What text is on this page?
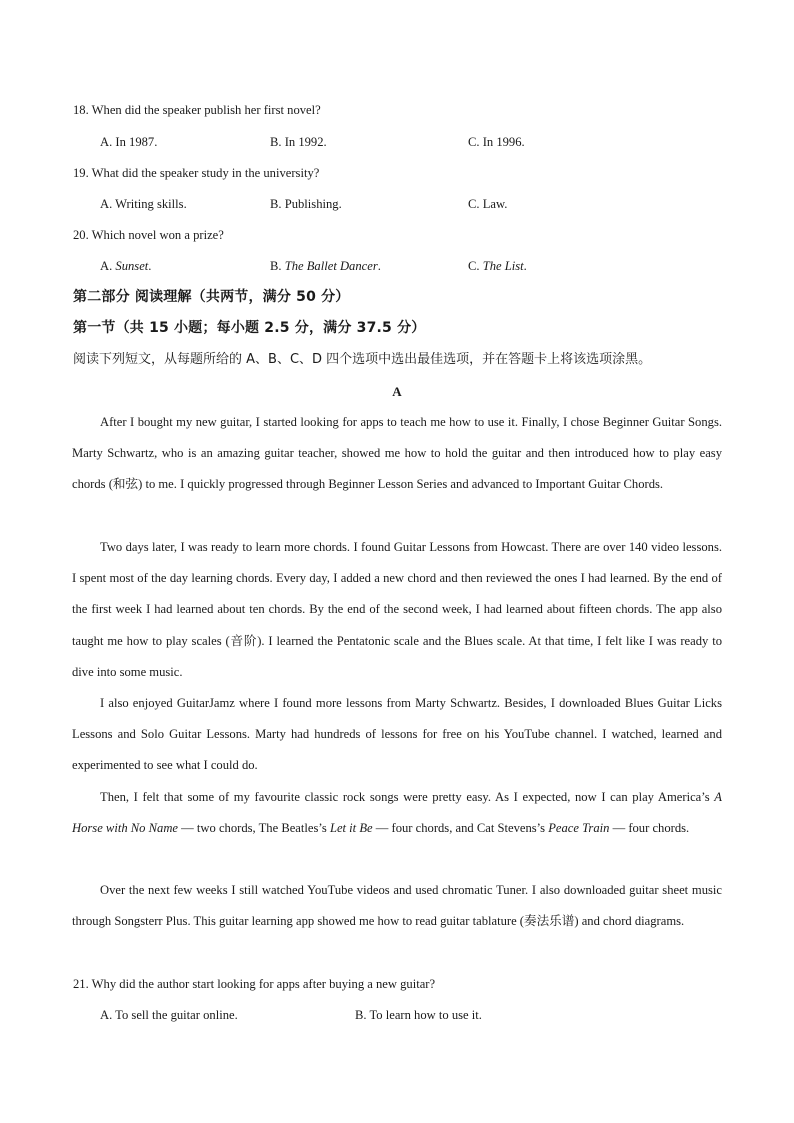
18. When did the speaker publish her first novel?
A. In 1987.	B. In 1992.	C. In 1996.
19. What did the speaker study in the university?
A. Writing skills.	B. Publishing.	C. Law.
20. Which novel won a prize?
A. Sunset.	B. The Ballet Dancer.	C. The List.
第二部分 阅读理解（共两节，满分 50 分）
第一节（共 15 小题；每小题 2.5 分，满分 37.5 分）
阅读下列短文，从每题所给的 A、B、C、D 四个选项中选出最佳选项，并在答题卡上将该选项涂黑。
A
After I bought my new guitar, I started looking for apps to teach me how to use it. Finally, I chose Beginner Guitar Songs. Marty Schwartz, who is an amazing guitar teacher, showed me how to hold the guitar and then introduced how to play easy chords (和弦) to me. I quickly progressed through Beginner Lesson Series and advanced to Important Guitar Chords.
Two days later, I was ready to learn more chords. I found Guitar Lessons from Howcast. There are over 140 video lessons. I spent most of the day learning chords. Every day, I added a new chord and then reviewed the ones I had learned. By the end of the first week I had learned about ten chords. By the end of the second week, I had learned about fifteen chords. The app also taught me how to play scales (音阶). I learned the Pentatonic scale and the Blues scale. At that time, I felt like I was ready to dive into some music.
I also enjoyed GuitarJamz where I found more lessons from Marty Schwartz. Besides, I downloaded Blues Guitar Licks Lessons and Solo Guitar Lessons. Marty had hundreds of lessons for free on his YouTube channel. I watched, learned and experimented to see what I could do.
Then, I felt that some of my favourite classic rock songs were pretty easy. As I expected, now I can play America’s A Horse with No Name — two chords, The Beatles’s Let it Be — four chords, and Cat Stevens’s Peace Train — four chords.
Over the next few weeks I still watched YouTube videos and used chromatic Tuner. I also downloaded guitar sheet music through Songsterr Plus. This guitar learning app showed me how to read guitar tablature (奏法乐谱) and chord diagrams.
21. Why did the author start looking for apps after buying a new guitar?
A. To sell the guitar online.	B. To learn how to use it.
